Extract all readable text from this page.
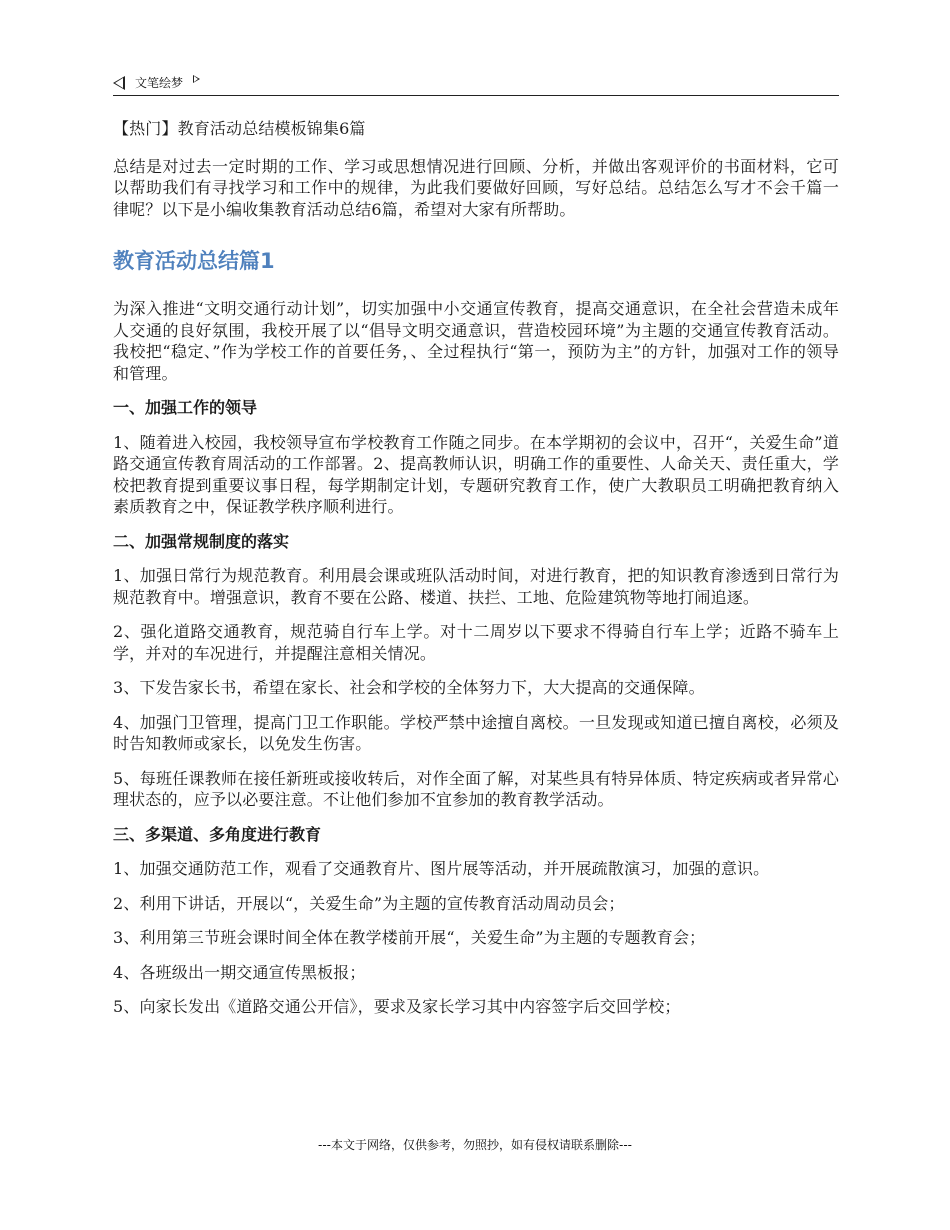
文笔绘梦

【热门】教育活动总结模板锦集6篇

总结是对过去一定时期的工作、学习或思想情况进行回顾、分析，并做出客观评价的书面材料，它可以帮助我们有寻找学习和工作中的规律，为此我们要做好回顾，写好总结。总结怎么写才不会千篇一律呢？以下是小编收集教育活动总结6篇，希望对大家有所帮助。

教育活动总结篇1

为深入推进“文明交通行动计划”，切实加强中小交通宣传教育，提高交通意识，在全社会营造未成年人交通的良好氛围，我校开展了以“倡导文明交通意识，营造校园环境”为主题的交通宣传教育活动。我校把“稳定、”作为学校工作的首要任务，、全过程执行“第一，预防为主”的方针，加强对工作的领导和管理。

一、加强工作的领导

1、随着进入校园，我校领导宣布学校教育工作随之同步。在本学期初的会议中，召开“，关爱生命”道路交通宣传教育周活动的工作部署。2、提高教师认识，明确工作的重要性、人命关天、责任重大，学校把教育提到重要议事日程，每学期制定计划，专题研究教育工作，使广大教职员工明确把教育纳入素质教育之中，保证教学秩序顺利进行。

二、加强常规制度的落实

1、加强日常行为规范教育。利用晨会课或班队活动时间，对进行教育，把的知识教育渗透到日常行为规范教育中。增强意识，教育不要在公路、楼道、扶拦、工地、危险建筑物等地打闹追逐。

2、强化道路交通教育，规范骑自行车上学。对十二周岁以下要求不得骑自行车上学；近路不骑车上学，并对的车况进行，并提醒注意相关情况。

3、下发告家长书，希望在家长、社会和学校的全体努力下，大大提高的交通保障。

4、加强门卫管理，提高门卫工作职能。学校严禁中途擅自离校。一旦发现或知道已擅自离校，必须及时告知教师或家长，以免发生伤害。

5、每班任课教师在接任新班或接收转后，对作全面了解，对某些具有特异体质、特定疾病或者异常心理状态的，应予以必要注意。不让他们参加不宜参加的教育教学活动。

三、多渠道、多角度进行教育

1、加强交通防范工作，观看了交通教育片、图片展等活动，并开展疏散演习，加强的意识。

2、利用下讲话，开展以“，关爱生命”为主题的宣传教育活动周动员会；

3、利用第三节班会课时间全体在教学楼前开展“，关爱生命”为主题的专题教育会；

4、各班级出一期交通宣传黑板报；

5、向家长发出《道路交通公开信》，要求及家长学习其中内容签字后交回学校；

---本文于网络，仅供参考，勿照抄，如有侵权请联系删除---
